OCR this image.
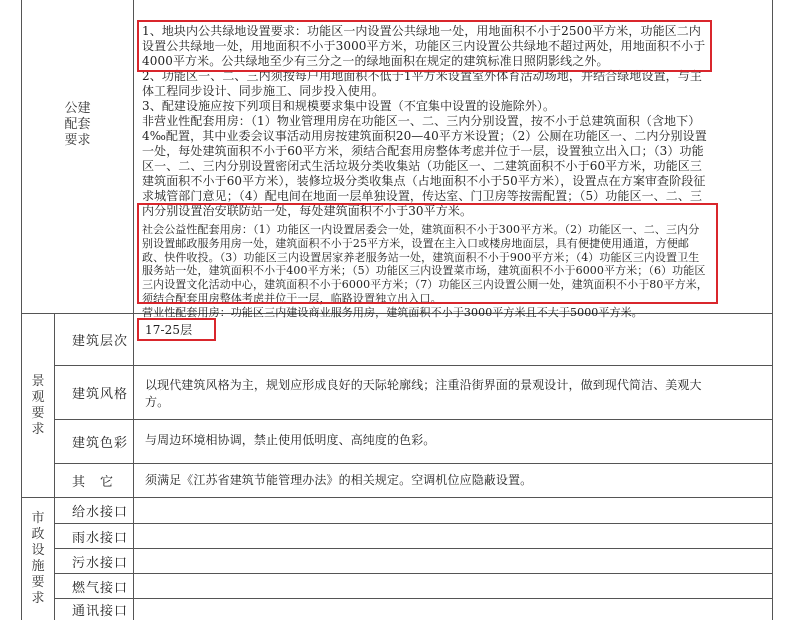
公建
配套
要求
1、地块内公共绿地设置要求：功能区一内设置公共绿地一处，用地面积不小于2500平方米，功能区二内设置公共绿地一处，用地面积不小于3000平方米，功能区三内设置公共绿地不超过两处，用地面积不小于4000平方米。公共绿地至少有三分之一的绿地面积在规定的建筑标准日照阴影线之外。
2、功能区一、二、三内须按每户用地面积不低于1平方米设置室外体育活动场地，并结合绿地设置，与主体工程同步设计、同步施工、同步投入使用。
3、配建设施应按下列项目和规模要求集中设置（不宜集中设置的设施除外）。
非营业性配套用房：（1）物业管理用房在功能区一、二、三内分别设置，按不小于总建筑面积（含地下）4‰配置，其中业委会议事活动用房按建筑面积20—40平方米设置；（2）公厕在功能区一、二内分别设置一处，每处建筑面积不小于60平方米，须结合配套用房整体考虑并位于一层，设置独立出入口；（3）功能区一、二、三内分别设置密闭式生活垃圾分类收集站（功能区一、二建筑面积不小于60平方米，功能区三建筑面积不小于60平方米），装修垃圾分类收集点（占地面积不小于50平方米），设置点在方案审查阶段征求城管部门意见；（4）配电间在地面一层单独设置，传达室、门卫房等按需配置；（5）功能区一、二、三内分别设置治安联防站一处，每处建筑面积不小于30平方米。
社会公益性配套用房：（1）功能区一内设置居委会一处，建筑面积不小于300平方米。（2）功能区一、二、三内分别设置邮政服务用房一处，建筑面积不小于25平方米，设置在主入口或楼房地面层，具有便捷使用通道，方便邮政、快件收投。（3）功能区三内设置居家养老服务站一处，建筑面积不小于900平方米；（4）功能区三内设置卫生服务站一处，建筑面积不小于400平方米；（5）功能区三内设置菜市场，建筑面积不小于6000平方米；（6）功能区三内设置文化活动中心，建筑面积不小于6000平方米；（7）功能区三内设置公厕一处，建筑面积不小于80平方米，须结合配套用房整体考虑并位于一层，临路设置独立出入口。
营业性配套用房：功能区三内建设商业服务用房，建筑面积不小于3000平方米且不大于5000平方米。
景
观
要
求
建筑层次
17-25层
建筑风格
以现代建筑风格为主，规划应形成良好的天际轮廓线；注重沿街界面的景观设计，做到现代简洁、美观大方。
建筑色彩	与周边环境相协调，禁止使用低明度、高纯度的色彩。
其　它	须满足《江苏省建筑节能管理办法》的相关规定。空调机位应隐蔽设置。
市
政
设
施
要
求
给水接口
雨水接口
污水接口
燃气接口
通讯接口
